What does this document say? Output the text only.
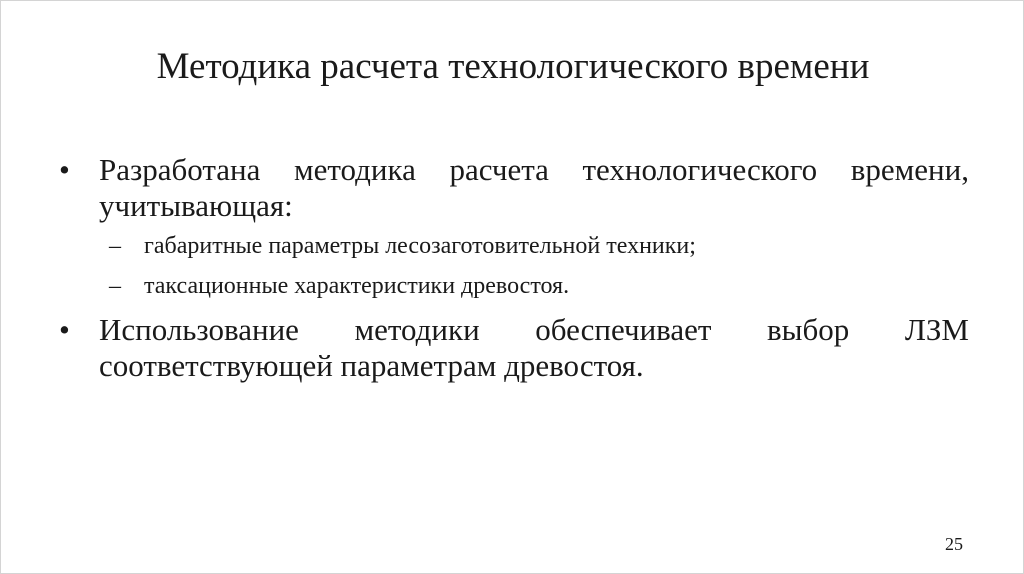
Методика расчета технологического времени
• Разработана методика расчета технологического времени, учитывающая:
– габаритные параметры лесозаготовительной техники;
– таксационные характеристики древостоя.
• Использование методики обеспечивает выбор ЛЗМ соответствующей параметрам древостоя.
25
